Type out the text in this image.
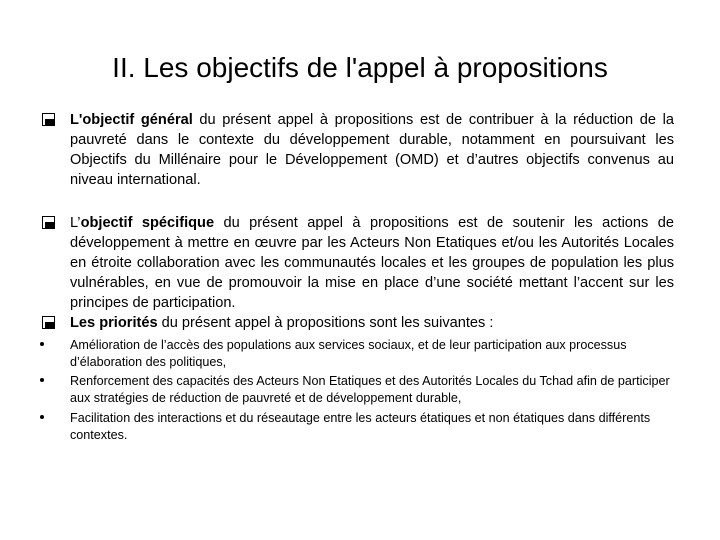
II. Les objectifs de l'appel à propositions
L'objectif général du présent appel à propositions est de contribuer à la réduction de la pauvreté dans le contexte du développement durable, notamment en poursuivant les Objectifs du Millénaire pour le Développement (OMD) et d’autres objectifs convenus au niveau international.
L’objectif spécifique du présent appel à propositions est de soutenir les actions de développement à mettre en œuvre par les Acteurs Non Etatiques et/ou les Autorités Locales en étroite collaboration avec les communautés locales et les groupes de population les plus vulnérables, en vue de promouvoir la mise en place d’une société mettant l’accent sur les principes de participation.
Les priorités du présent appel à propositions sont les suivantes :
Amélioration de l’accès des populations aux services sociaux, et de leur participation aux processus d’élaboration des politiques,
Renforcement des capacités des Acteurs Non Etatiques et des Autorités Locales du Tchad afin de participer aux stratégies de réduction de pauvreté et de développement durable,
Facilitation des interactions et du réseautage entre les acteurs étatiques et non étatiques dans différents contextes.
